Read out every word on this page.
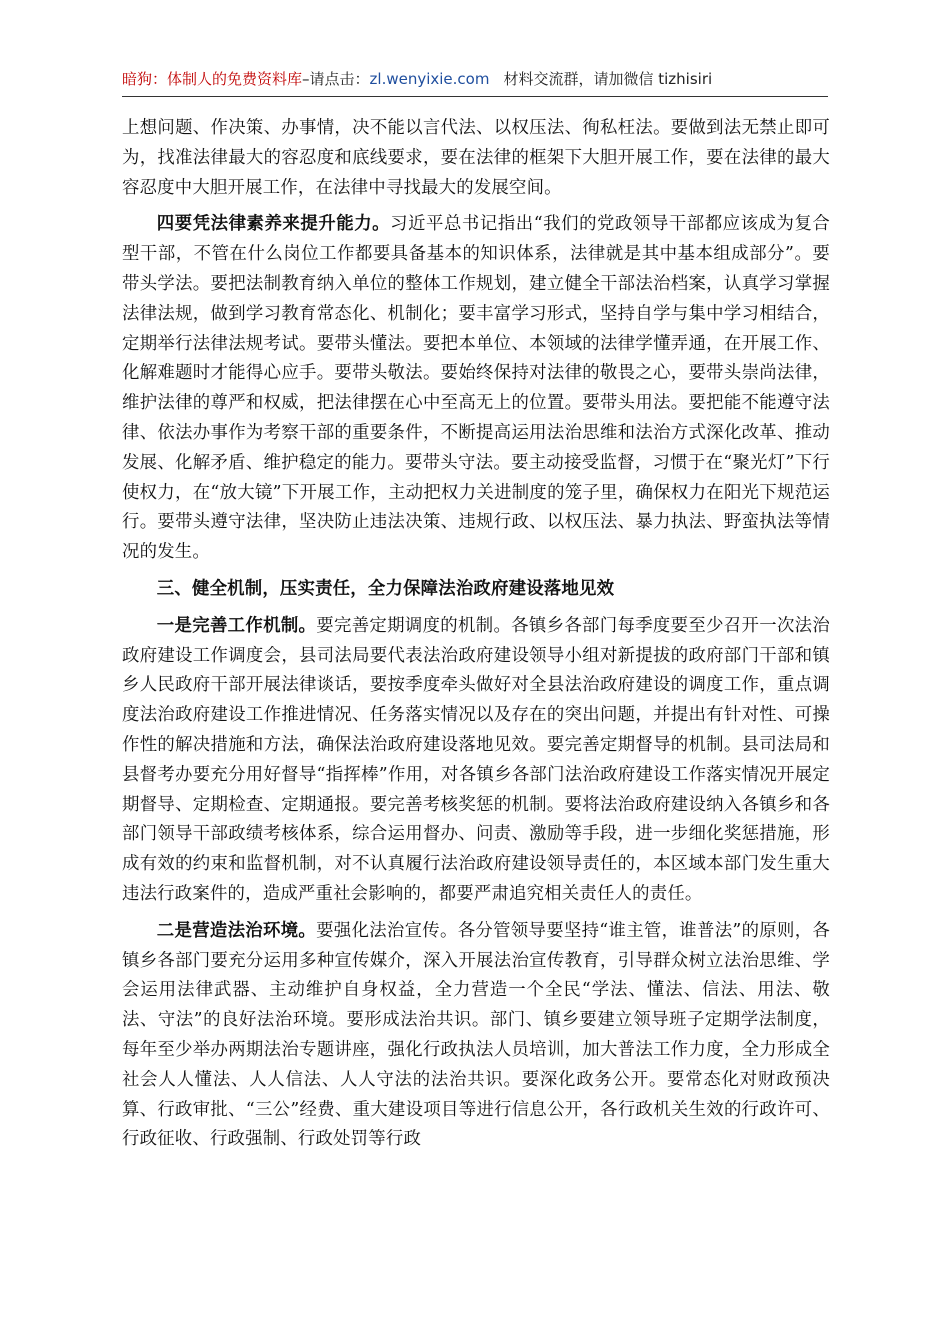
暗狗：体制人的免费资料库–请点击：zl.wenyixie.com 材料交流群，请加微信 tizhisiri

上想问题、作决策、办事情，决不能以言代法、以权压法、徇私枉法。要做到法无禁止即可为，找准法律最大的容忍度和底线要求，要在法律的框架下大胆开展工作，要在法律的最大容忍度中大胆开展工作，在法律中寻找最大的发展空间。

四要凭法律素养来提升能力。习近平总书记指出“我们的党政领导干部都应该成为复合型干部，不管在什么岗位工作都要具备基本的知识体系，法律就是其中基本组成部分”。要带头学法。要把法制教育纳入单位的整体工作规划，建立健全干部法治档案，认真学习掌握法律法规，做到学习教育常态化、机制化；要丰富学习形式，坚持自学与集中学习相结合，定期举行法律法规考试。要带头懂法。要把本单位、本领域的法律学懂弄通，在开展工作、化解难题时才能得心应手。要带头敬法。要始终保持对法律的敬畏之心，要带头崇尚法律，维护法律的尊严和权威，把法律摆在心中至高无上的位置。要带头用法。要把能不能遵守法律、依法办事作为考察干部的重要条件，不断提高运用法治思维和法治方式深化改革、推动发展、化解矛盾、维护稳定的能力。要带头守法。要主动接受监督，习惯于在“聚光灯”下行使权力，在“放大镜”下开展工作，主动把权力关进制度的笼子里，确保权力在阳光下规范运行。要带头遵守法律，坚决防止违法决策、违规行政、以权压法、暴力执法、野蛮执法等情况的发生。

三、健全机制，压实责任，全力保障法治政府建设落地见效

一是完善工作机制。要完善定期调度的机制。各镇乡各部门每季度要至少召开一次法治政府建设工作调度会，县司法局要代表法治政府建设领导小组对新提拔的政府部门干部和镇乡人民政府干部开展法律谈话，要按季度牵头做好对全县法治政府建设的调度工作，重点调度法治政府建设工作推进情况、任务落实情况以及存在的突出问题，并提出有针对性、可操作性的解决措施和方法，确保法治政府建设落地见效。要完善定期督导的机制。县司法局和县督考办要充分用好督导“指挥棒”作用，对各镇乡各部门法治政府建设工作落实情况开展定期督导、定期检查、定期通报。要完善考核奖惩的机制。要将法治政府建设纳入各镇乡和各部门领导干部政绩考核体系，综合运用督办、问责、激励等手段，进一步细化奖惩措施，形成有效的约束和监督机制，对不认真履行法治政府建设领导责任的，本区域本部门发生重大违法行政案件的，造成严重社会影响的，都要严肃追究相关责任人的责任。

二是营造法治环境。要强化法治宣传。各分管领导要坚持“谁主管，谁普法”的原则，各镇乡各部门要充分运用多种宣传媒介，深入开展法治宣传教育，引导群众树立法治思维、学会运用法律武器、主动维护自身权益，全力营造一个全民“学法、懂法、信法、用法、敬法、守法”的良好法治环境。要形成法治共识。部门、镇乡要建立领导班子定期学法制度，每年至少举办两期法治专题讲座，强化行政执法人员培训，加大普法工作力度，全力形成全社会人人懂法、人人信法、人人守法的法治共识。要深化政务公开。要常态化对财政预决算、行政审批、“三公”经费、重大建设项目等进行信息公开，各行政机关生效的行政许可、行政征收、行政强制、行政处罚等行政
